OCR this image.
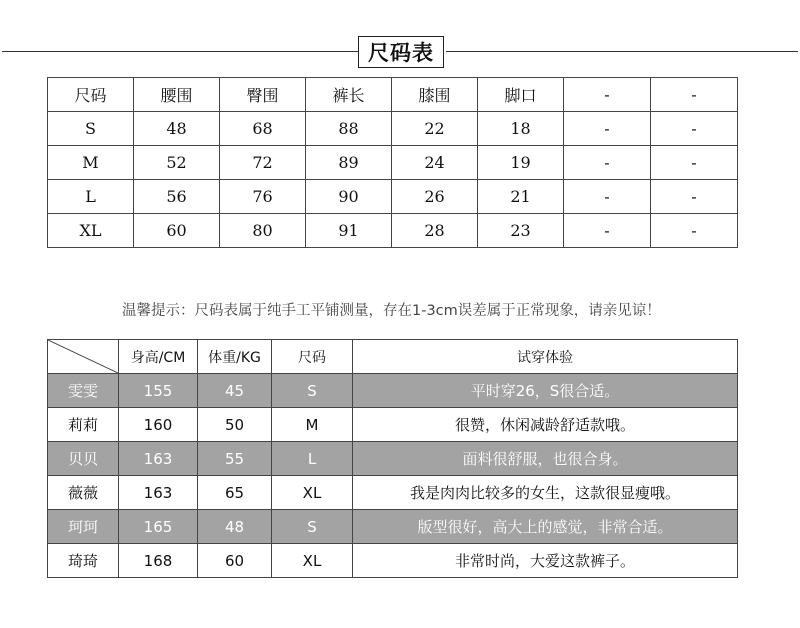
尺码表
尺码	腰围	臀围	裤长	膝围	脚口	-	-
S	48	68	88	22	18	-	-
M	52	72	89	24	19	-	-
L	56	76	90	26	21	-	-
XL	60	80	91	28	23	-	-
温馨提示：尺码表属于纯手工平铺测量，存在1-3cm误差属于正常现象，请亲见谅！
	身高/CM	体重/KG	尺码	试穿体验
雯雯	155	45	S	平时穿26，S很合适。
莉莉	160	50	M	很赞，休闲减龄舒适款哦。
贝贝	163	55	L	面料很舒服，也很合身。
薇薇	163	65	XL	我是肉肉比较多的女生，这款很显瘦哦。
珂珂	165	48	S	版型很好，高大上的感觉，非常合适。
琦琦	168	60	XL	非常时尚，大爱这款裤子。
